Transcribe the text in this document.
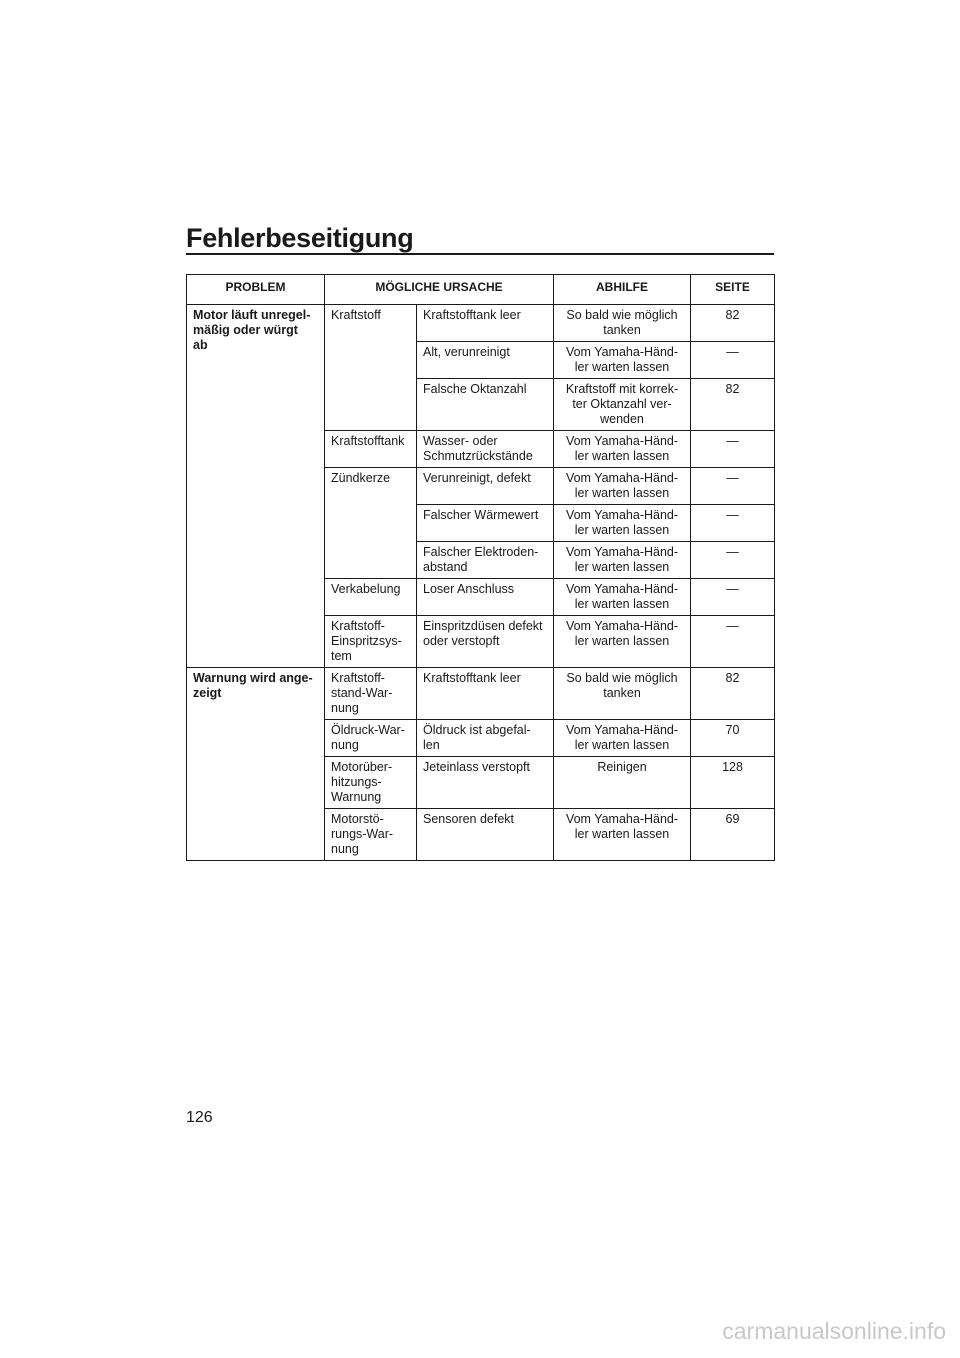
Fehlerbeseitigung
PROBLEM	MÖGLICHE URSACHE		ABHILFE	SEITE

Motor läuft unregel-
mäßig oder würgt
ab	Kraftstoff	Kraftstofftank leer	So bald wie möglich
tanken	82

		Alt, verunreinigt	Vom Yamaha-Händ-
ler warten lassen	—

		Falsche Oktanzahl	Kraftstoff mit korrek-
ter Oktanzahl ver-
wenden	82

	Kraftstofftank	Wasser- oder
Schmutzrückstände	Vom Yamaha-Händ-
ler warten lassen	—

	Zündkerze	Verunreinigt, defekt	Vom Yamaha-Händ-
ler warten lassen	—

		Falscher Wärmewert	Vom Yamaha-Händ-
ler warten lassen	—

		Falscher Elektroden-
abstand	Vom Yamaha-Händ-
ler warten lassen	—

	Verkabelung	Loser Anschluss	Vom Yamaha-Händ-
ler warten lassen	—

	Kraftstoff-
Einspritzsys-
tem	Einspritzdüsen defekt
oder verstopft	Vom Yamaha-Händ-
ler warten lassen	—

Warnung wird ange-
zeigt	Kraftstoff-
stand-War-
nung	Kraftstofftank leer	So bald wie möglich
tanken	82

	Öldruck-War-
nung	Öldruck ist abgefal-
len	Vom Yamaha-Händ-
ler warten lassen	70

	Motorüber-
hitzungs-
Warnung	Jeteinlass verstopft	Reinigen	128

	Motorstö-
rungs-War-
nung	Sensoren defekt	Vom Yamaha-Händ-
ler warten lassen	69
126
carmanualsonline.info
